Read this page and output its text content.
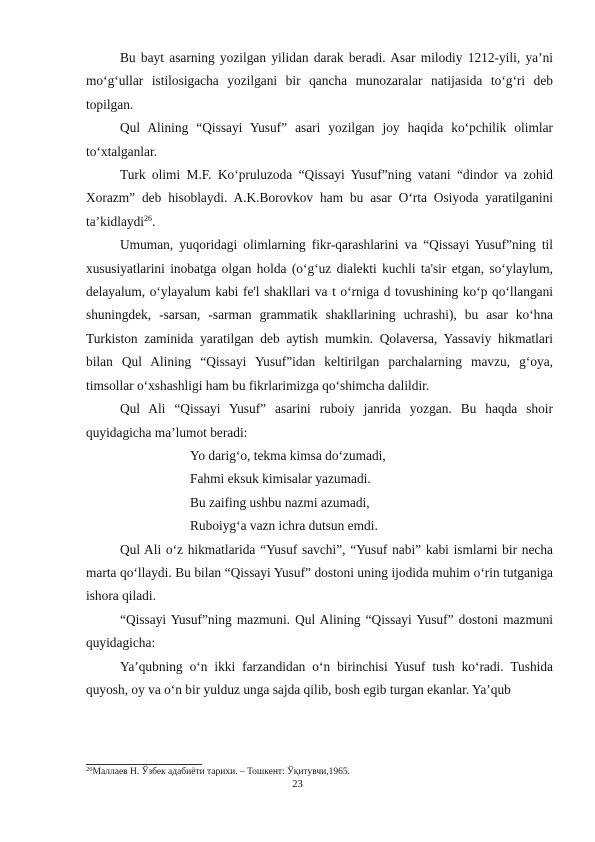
Bu bayt asarning yozilgan yilidan darak beradi. Asar milodiy 1212-yili, ya’ni mo‘g‘ullar istilosigacha yozilgani bir qancha munozaralar natijasida to‘g‘ri deb topilgan.

Qul Alining “Qissayi Yusuf” asari yozilgan joy haqida ko‘pchilik olimlar to‘xtalganlar.

Turk olimi M.F. Ko‘pruluzoda “Qissayi Yusuf”ning vatani “dindor va zohid Xorazm” deb hisoblaydi. A.K.Borovkov ham bu asar O‘rta Osiyoda yaratilganini ta’kidlaydi$^{26}$.

Umuman, yuqoridagi olimlarning fikr-qarashlarini va “Qissayi Yusuf”ning til xususiyatlarini inobatga olgan holda (o‘g‘uz dialekti kuchli ta'sir etgan, so‘ylaylum, delayalum, o‘ylayalum kabi fe'l shakllari va t o‘rniga d tovushining ko‘p qo‘llangani shuningdek, -sarsan, -sarman grammatik shakllarining uchrashi), bu asar ko‘hna Turkiston zaminida yaratilgan deb aytish mumkin. Qolaversa, Yassaviy hikmatlari bilan Qul Alining “Qissayi Yusuf”idan keltirilgan parchalarning mavzu, g‘oya, timsollar o‘xshashligi ham bu fikrlarimizga qo‘shimcha dalildir.

Qul Ali “Qissayi Yusuf” asarini ruboiy janrida yozgan. Bu haqda shoir quyidagicha ma’lumot beradi:

Yo darig‘o, tekma kimsa do‘zumadi,
Fahmi eksuk kimisalar yazumadi.
Bu zaifing ushbu nazmi azumadi,
Ruboiyg‘a vazn ichra dutsun emdi.

Qul Ali o‘z hikmatlarida “Yusuf savchi”, “Yusuf nabi” kabi ismlarni bir necha marta qo‘llaydi. Bu bilan “Qissayi Yusuf” dostoni uning ijodida muhim o‘rin tutganiga ishora qiladi.

“Qissayi Yusuf”ning mazmuni. Qul Alining “Qissayi Yusuf” dostoni mazmuni quyidagicha:

Ya’qubning o‘n ikki farzandidan o‘n birinchisi Yusuf tush ko‘radi. Tushida quyosh, oy va o‘n bir yulduz unga sajda qilib, bosh egib turgan ekanlar. Ya’qub

$^{26}$Маллаев Н. Ўзбек адабиёти тарихи. – Тошкент: Ўқитувчи,1965.
23
